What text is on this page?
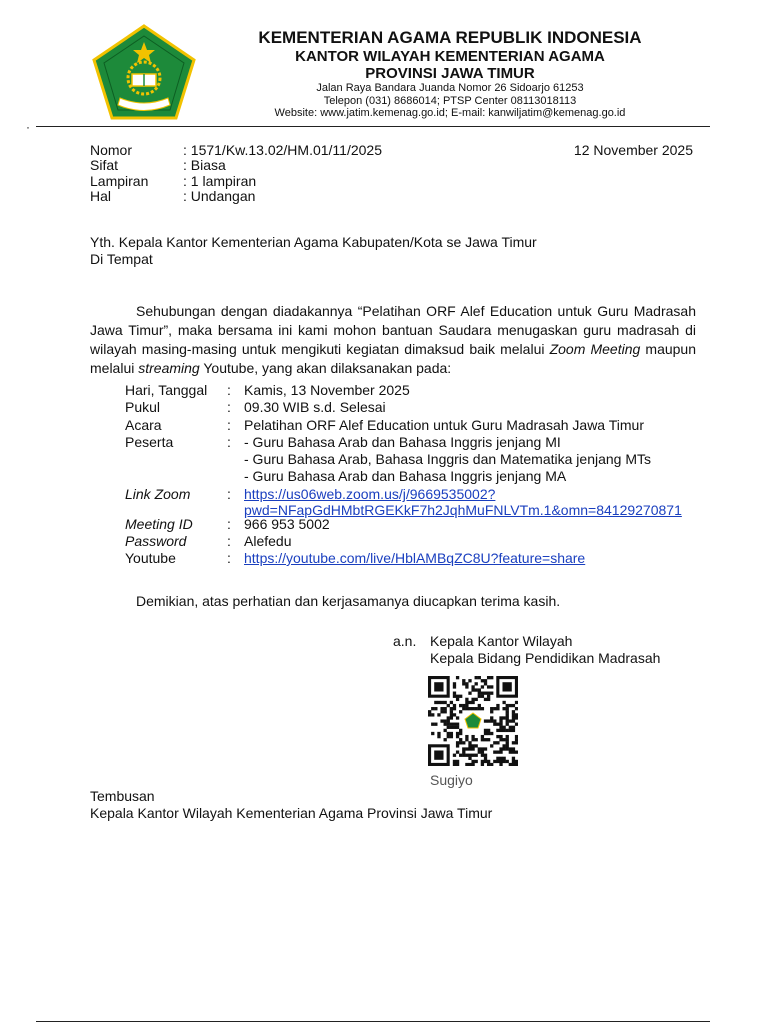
KEMENTERIAN AGAMA REPUBLIK INDONESIA
KANTOR WILAYAH KEMENTERIAN AGAMA
PROVINSI JAWA TIMUR
Jalan Raya Bandara Juanda Nomor 26 Sidoarjo 61253
Telepon (031) 8686014; PTSP Center 08113018113
Website: www.jatim.kemenag.go.id; E-mail: kanwiljatim@kemenag.go.id
·
Nomor	: 1571/Kw.13.02/HM.01/11/2025	12 November 2025
Sifat	: Biasa
Lampiran : 1 lampiran
Hal	: Undangan
Yth. Kepala Kantor Kementerian Agama Kabupaten/Kota se Jawa Timur
Di Tempat
Sehubungan dengan diadakannya “Pelatihan ORF Alef Education untuk Guru Madrasah Jawa Timur”, maka bersama ini kami mohon bantuan Saudara menugaskan guru madrasah di wilayah masing-masing untuk mengikuti kegiatan dimaksud baik melalui Zoom Meeting maupun melalui streaming Youtube, yang akan dilaksanakan pada:
Hari, Tanggal : Kamis, 13 November 2025
Pukul	: 09.30 WIB s.d. Selesai
Acara	: Pelatihan ORF Alef Education untuk Guru Madrasah Jawa Timur
Peserta	: - Guru Bahasa Arab dan Bahasa Inggris jenjang MI
- Guru Bahasa Arab, Bahasa Inggris dan Matematika jenjang MTs
- Guru Bahasa Arab dan Bahasa Inggris jenjang MA
Link Zoom	: https://us06web.zoom.us/j/9669535002?
pwd=NFapGdHMbtRGEKkF7h2JqhMuFNLVTm.1&omn=84129270871
Meeting ID : 966 953 5002
Password	: Alefedu
Youtube	: https://youtube.com/live/HblAMBqZC8U?feature=share
Demikian, atas perhatian dan kerjasamanya diucapkan terima kasih.
a.n. Kepala Kantor Wilayah
Kepala Bidang Pendidikan Madrasah
Sugiyo
Tembusan
Kepala Kantor Wilayah Kementerian Agama Provinsi Jawa Timur
